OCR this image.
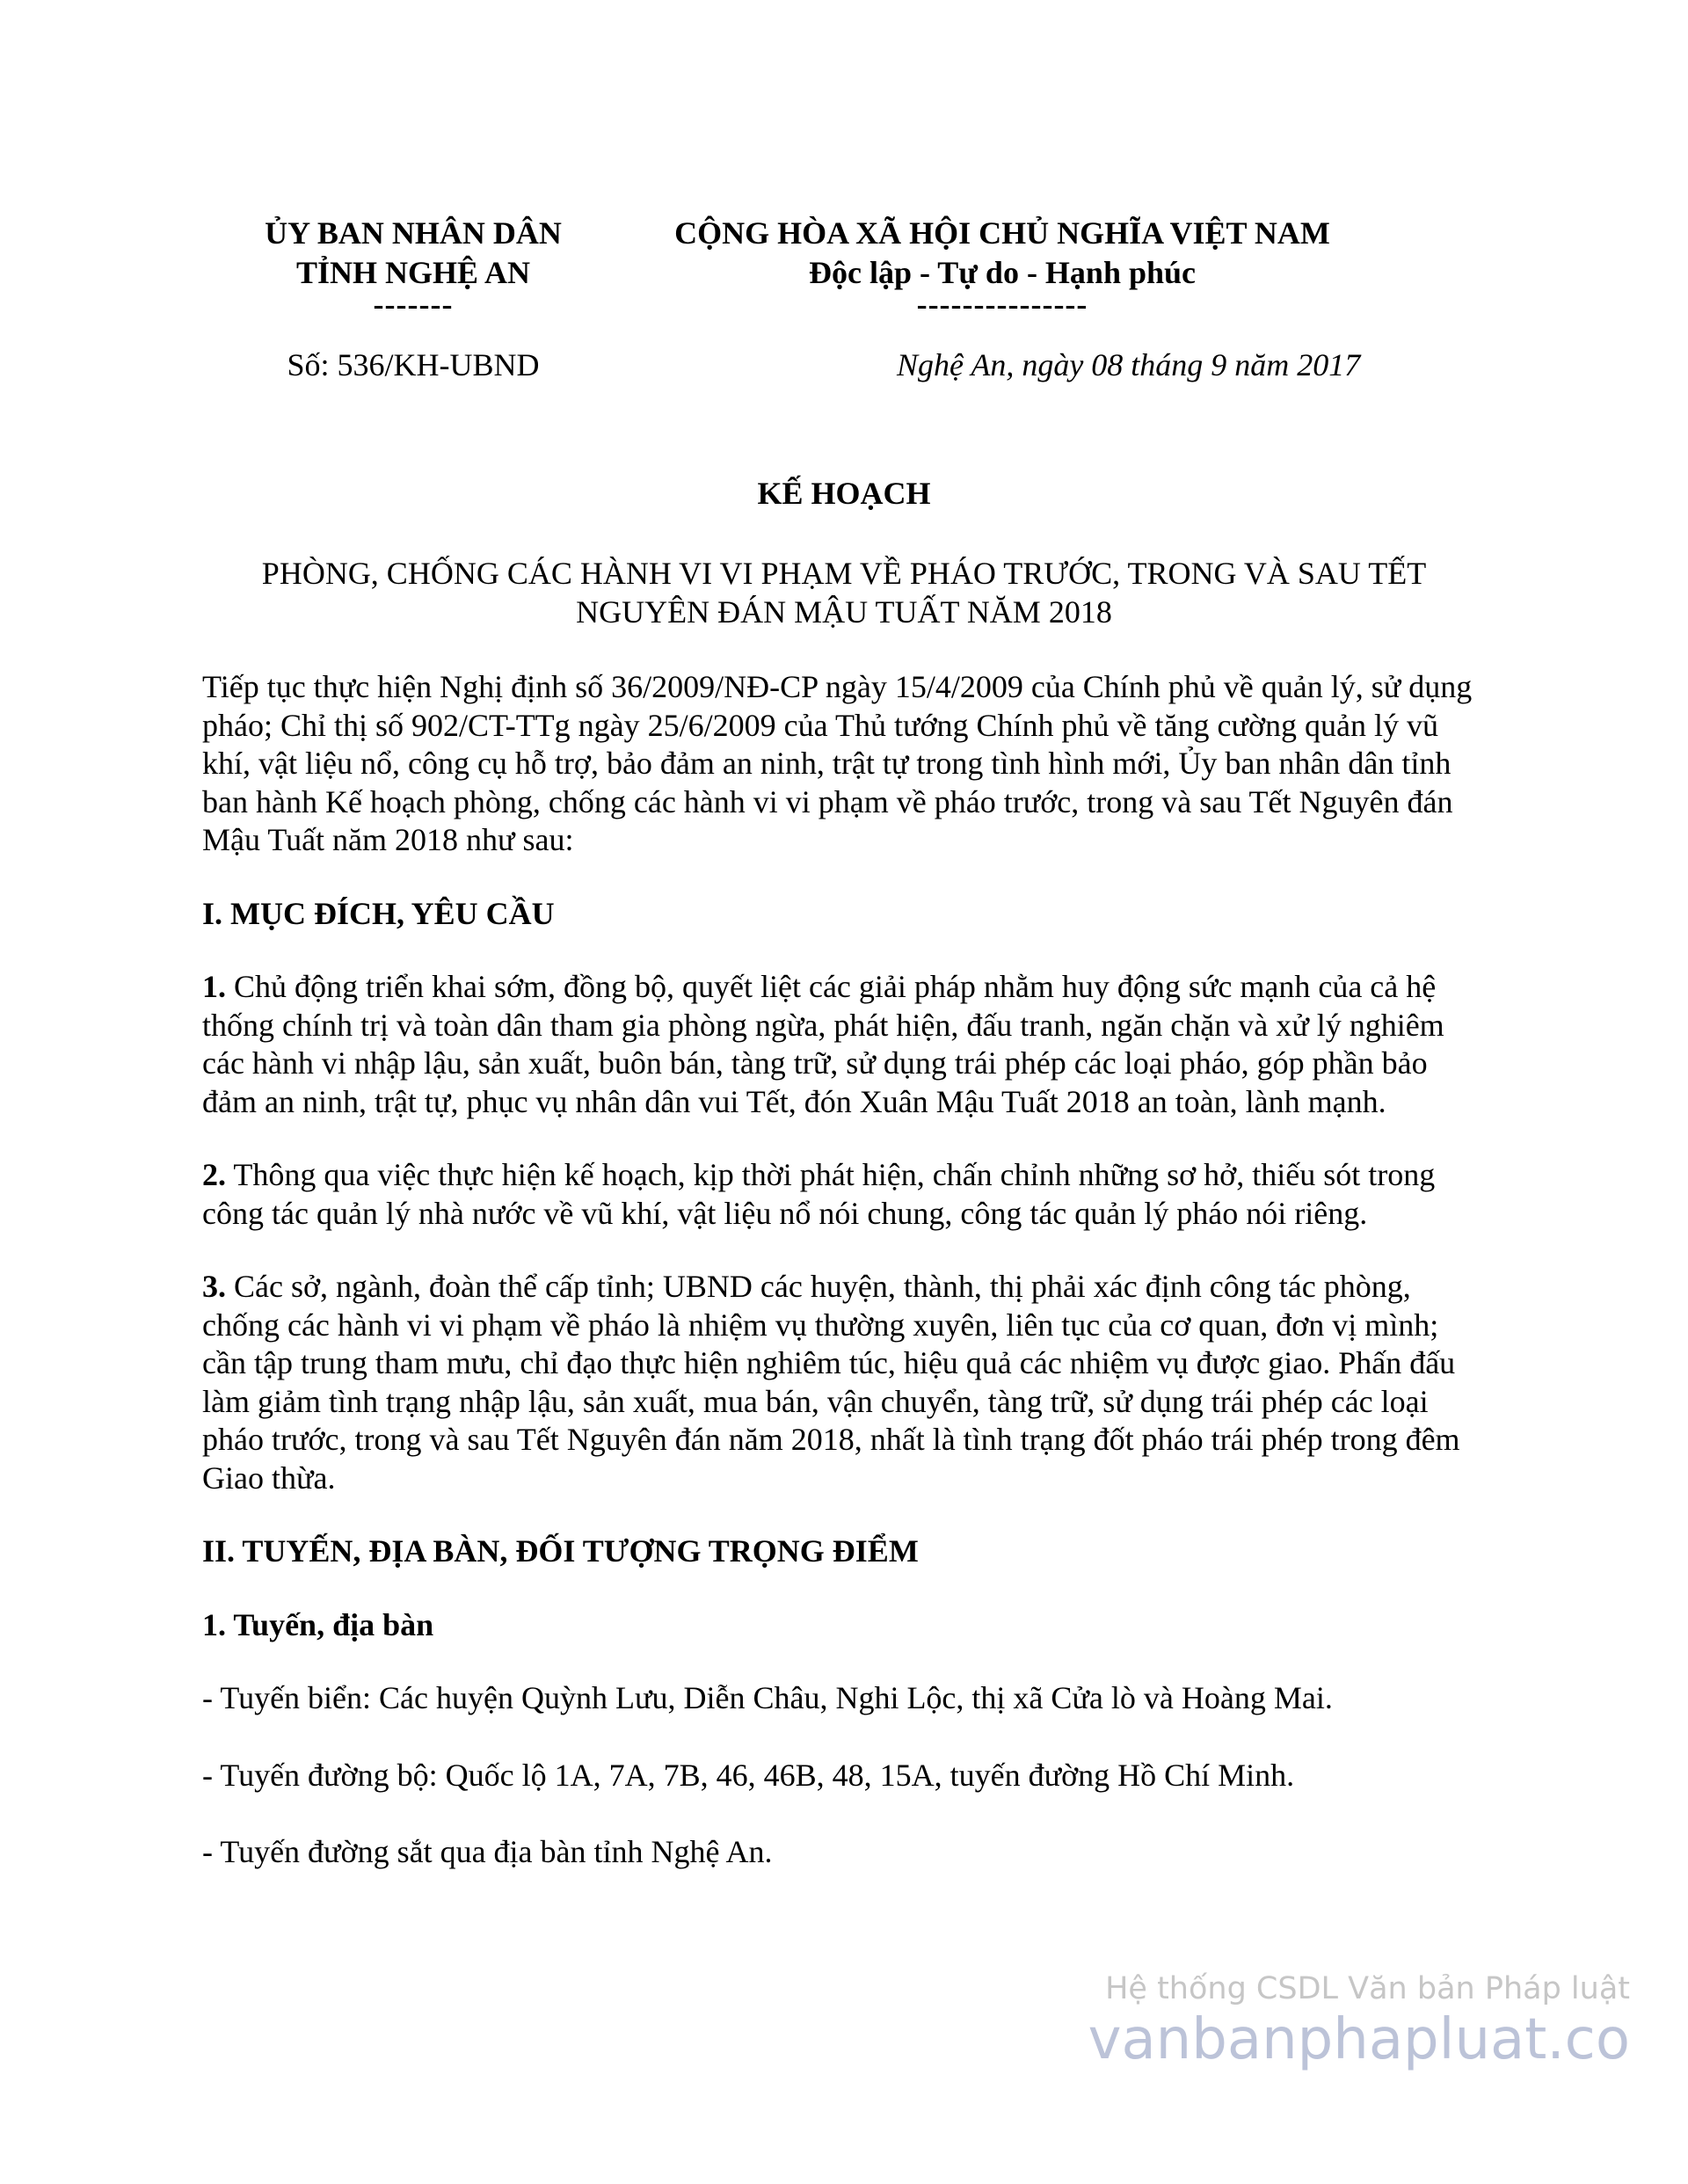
ỦY BAN NHÂN DÂN
TỈNH NGHỆ AN
-------
CỘNG HÒA XÃ HỘI CHỦ NGHĨA VIỆT NAM
Độc lập - Tự do - Hạnh phúc
---------------
Số: 536/KH-UBND	Nghệ An, ngày 08 tháng 9 năm 2017
KẾ HOẠCH
PHÒNG, CHỐNG CÁC HÀNH VI VI PHẠM VỀ PHÁO TRƯỚC, TRONG VÀ SAU TẾT
NGUYÊN ĐÁN MẬU TUẤT NĂM 2018

Tiếp tục thực hiện Nghị định số 36/2009/NĐ-CP ngày 15/4/2009 của Chính phủ về quản lý, sử dụng pháo; Chỉ thị số 902/CT-TTg ngày 25/6/2009 của Thủ tướng Chính phủ về tăng cường quản lý vũ khí, vật liệu nổ, công cụ hỗ trợ, bảo đảm an ninh, trật tự trong tình hình mới, Ủy ban nhân dân tỉnh ban hành Kế hoạch phòng, chống các hành vi vi phạm về pháo trước, trong và sau Tết Nguyên đán Mậu Tuất năm 2018 như sau:

I. MỤC ĐÍCH, YÊU CẦU

1. Chủ động triển khai sớm, đồng bộ, quyết liệt các giải pháp nhằm huy động sức mạnh của cả hệ thống chính trị và toàn dân tham gia phòng ngừa, phát hiện, đấu tranh, ngăn chặn và xử lý nghiêm các hành vi nhập lậu, sản xuất, buôn bán, tàng trữ, sử dụng trái phép các loại pháo, góp phần bảo đảm an ninh, trật tự, phục vụ nhân dân vui Tết, đón Xuân Mậu Tuất 2018 an toàn, lành mạnh.

2. Thông qua việc thực hiện kế hoạch, kịp thời phát hiện, chấn chỉnh những sơ hở, thiếu sót trong công tác quản lý nhà nước về vũ khí, vật liệu nổ nói chung, công tác quản lý pháo nói riêng.

3. Các sở, ngành, đoàn thể cấp tỉnh; UBND các huyện, thành, thị phải xác định công tác phòng, chống các hành vi vi phạm về pháo là nhiệm vụ thường xuyên, liên tục của cơ quan, đơn vị mình; cần tập trung tham mưu, chỉ đạo thực hiện nghiêm túc, hiệu quả các nhiệm vụ được giao. Phấn đấu làm giảm tình trạng nhập lậu, sản xuất, mua bán, vận chuyển, tàng trữ, sử dụng trái phép các loại pháo trước, trong và sau Tết Nguyên đán năm 2018, nhất là tình trạng đốt pháo trái phép trong đêm Giao thừa.

II. TUYẾN, ĐỊA BÀN, ĐỐI TƯỢNG TRỌNG ĐIỂM
1. Tuyến, địa bàn

- Tuyến biển: Các huyện Quỳnh Lưu, Diễn Châu, Nghi Lộc, thị xã Cửa lò và Hoàng Mai.

- Tuyến đường bộ: Quốc lộ 1A, 7A, 7B, 46, 46B, 48, 15A, tuyến đường Hồ Chí Minh.

- Tuyến đường sắt qua địa bàn tỉnh Nghệ An.

Hệ thống CSDL Văn bản Pháp luật
vanbanphapluat.co
